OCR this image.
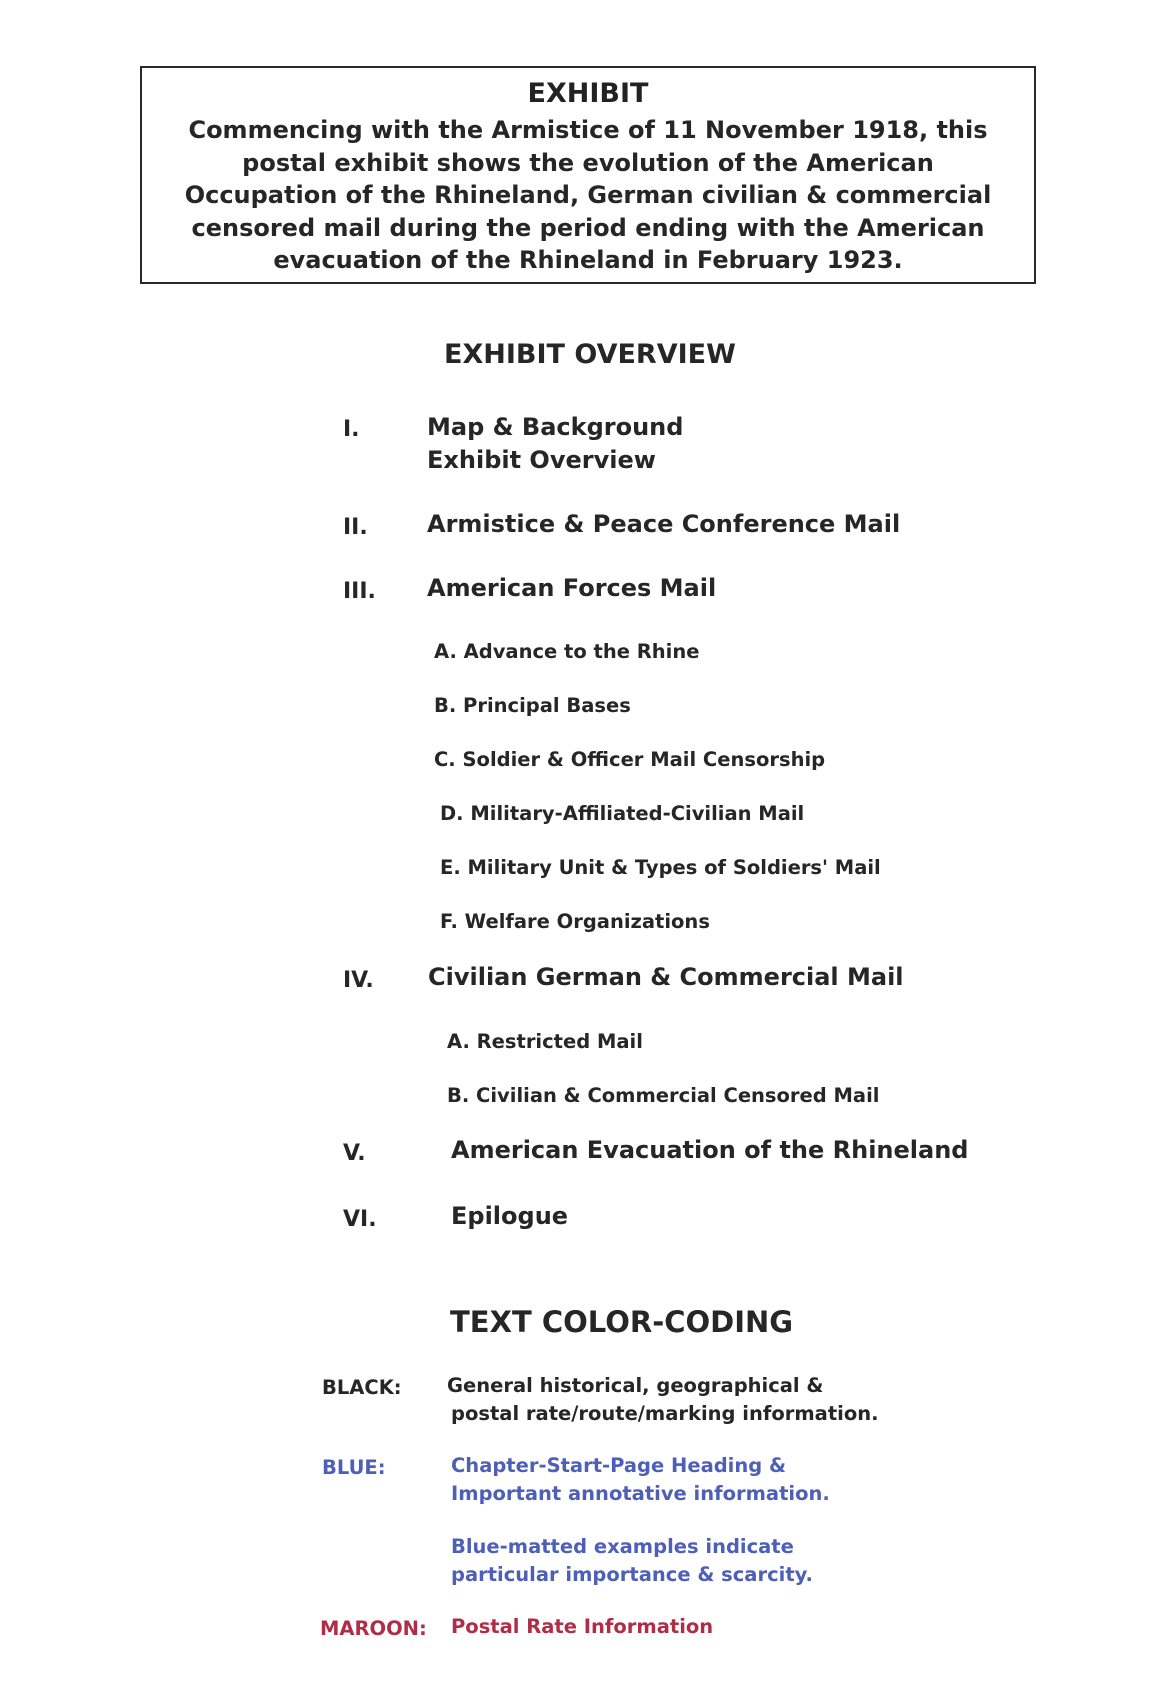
EXHIBIT
Commencing with the Armistice of 11 November 1918, this postal exhibit shows the evolution of the American Occupation of the Rhineland, German civilian & commercial censored mail during the period ending with the American evacuation of the Rhineland in February 1923.
EXHIBIT OVERVIEW
I.	Map & Background
Exhibit Overview
II. Armistice & Peace Conference Mail
III. American Forces Mail
A. Advance to the Rhine
B. Principal Bases
C. Soldier & Officer Mail Censorship
D. Military-Affiliated-Civilian Mail
E. Military Unit & Types of Soldiers' Mail
F. Welfare Organizations
IV. Civilian German & Commercial Mail
A. Restricted Mail
B. Civilian & Commercial Censored Mail
V.	American Evacuation of the Rhineland
VI.	Epilogue
TEXT COLOR-CODING
BLACK: General historical, geographical &
postal rate/route/marking information.
BLUE:	Chapter-Start-Page Heading &
Important annotative information.
Blue-matted examples indicate
particular importance & scarcity.
MAROON: Postal Rate Information
